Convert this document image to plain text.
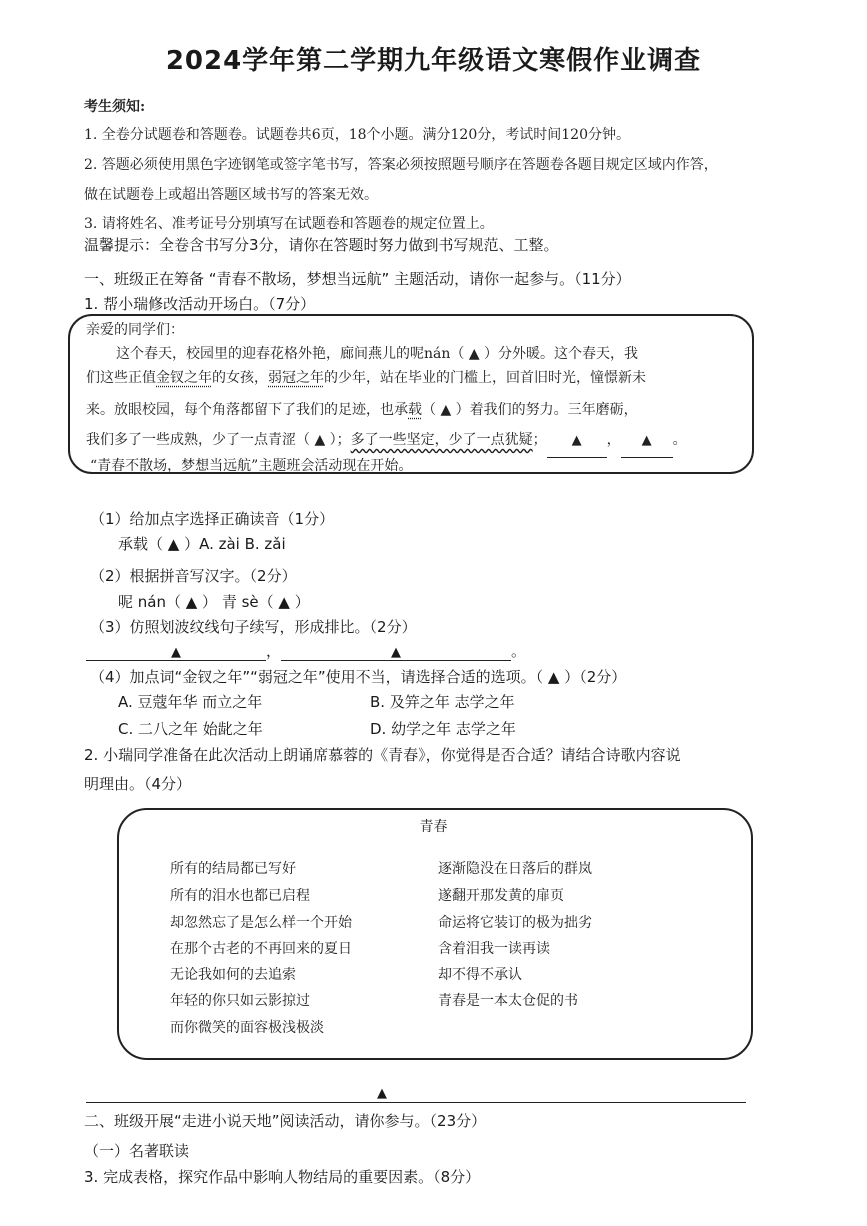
2024学年第二学期九年级语文寒假作业调查
考生须知:
1. 全卷分试题卷和答题卷。试题卷共6页，18个小题。满分120分，考试时间120分钟。
2. 答题必须使用黑色字迹钢笔或签字笔书写，答案必须按照题号顺序在答题卷各题目规定区域内作答，
做在试题卷上或超出答题区域书写的答案无效。
3. 请将姓名、准考证号分别填写在试题卷和答题卷的规定位置上。
温馨提示：全卷含书写分3分，请你在答题时努力做到书写规范、工整。
一、班级正在筹备 “青春不散场，梦想当远航” 主题活动，请你一起参与。（11分）
1. 帮小瑞修改活动开场白。（7分）
亲爱的同学们：
这个春天，校园里的迎春花格外艳，廊间燕儿的呢nán（ ▲ ）分外暖。这个春天，我
们这些正值金钗之年的女孩，弱冠之年的少年，站在毕业的门槛上，回首旧时光，憧憬新未
来。放眼校园，每个角落都留下了我们的足迹，也承载（ ▲ ）着我们的努力。三年磨砺，
我们多了一些成熟，少了一点青涩（ ▲ ）；多了一些坚定，少了一点犹疑； ▲ ， ▲ 。
“青春不散场，梦想当远航”主题班会活动现在开始。
（1）给加点字选择正确读音（1分）
承载（ ▲ ）A. zài B. zǎi
（2）根据拼音写汉字。（2分）
呢 nán（ ▲ ） 青 sè（ ▲ ）
（3）仿照划波纹线句子续写，形成排比。（2分）
▲	，	▲	。
（4）加点词“金钗之年”“弱冠之年”使用不当，请选择合适的选项。（ ▲ ）（2分）
A. 豆蔻年华 而立之年	B. 及笄之年 志学之年
C. 二八之年 始龀之年	D. 幼学之年 志学之年
2. 小瑞同学准备在此次活动上朗诵席慕蓉的《青春》，你觉得是否合适？请结合诗歌内容说
明理由。（4分）
青春
所有的结局都已写好
所有的泪水也都已启程
却忽然忘了是怎么样一个开始
在那个古老的不再回来的夏日
无论我如何的去追索
年轻的你只如云影掠过
而你微笑的面容极浅极淡
逐渐隐没在日落后的群岚
遂翻开那发黄的扉页
命运将它装订的极为拙劣
含着泪我一读再读
却不得不承认
青春是一本太仓促的书
▲
二、班级开展“走进小说天地”阅读活动，请你参与。（23分）
（一）名著联读
3. 完成表格，探究作品中影响人物结局的重要因素。（8分）
